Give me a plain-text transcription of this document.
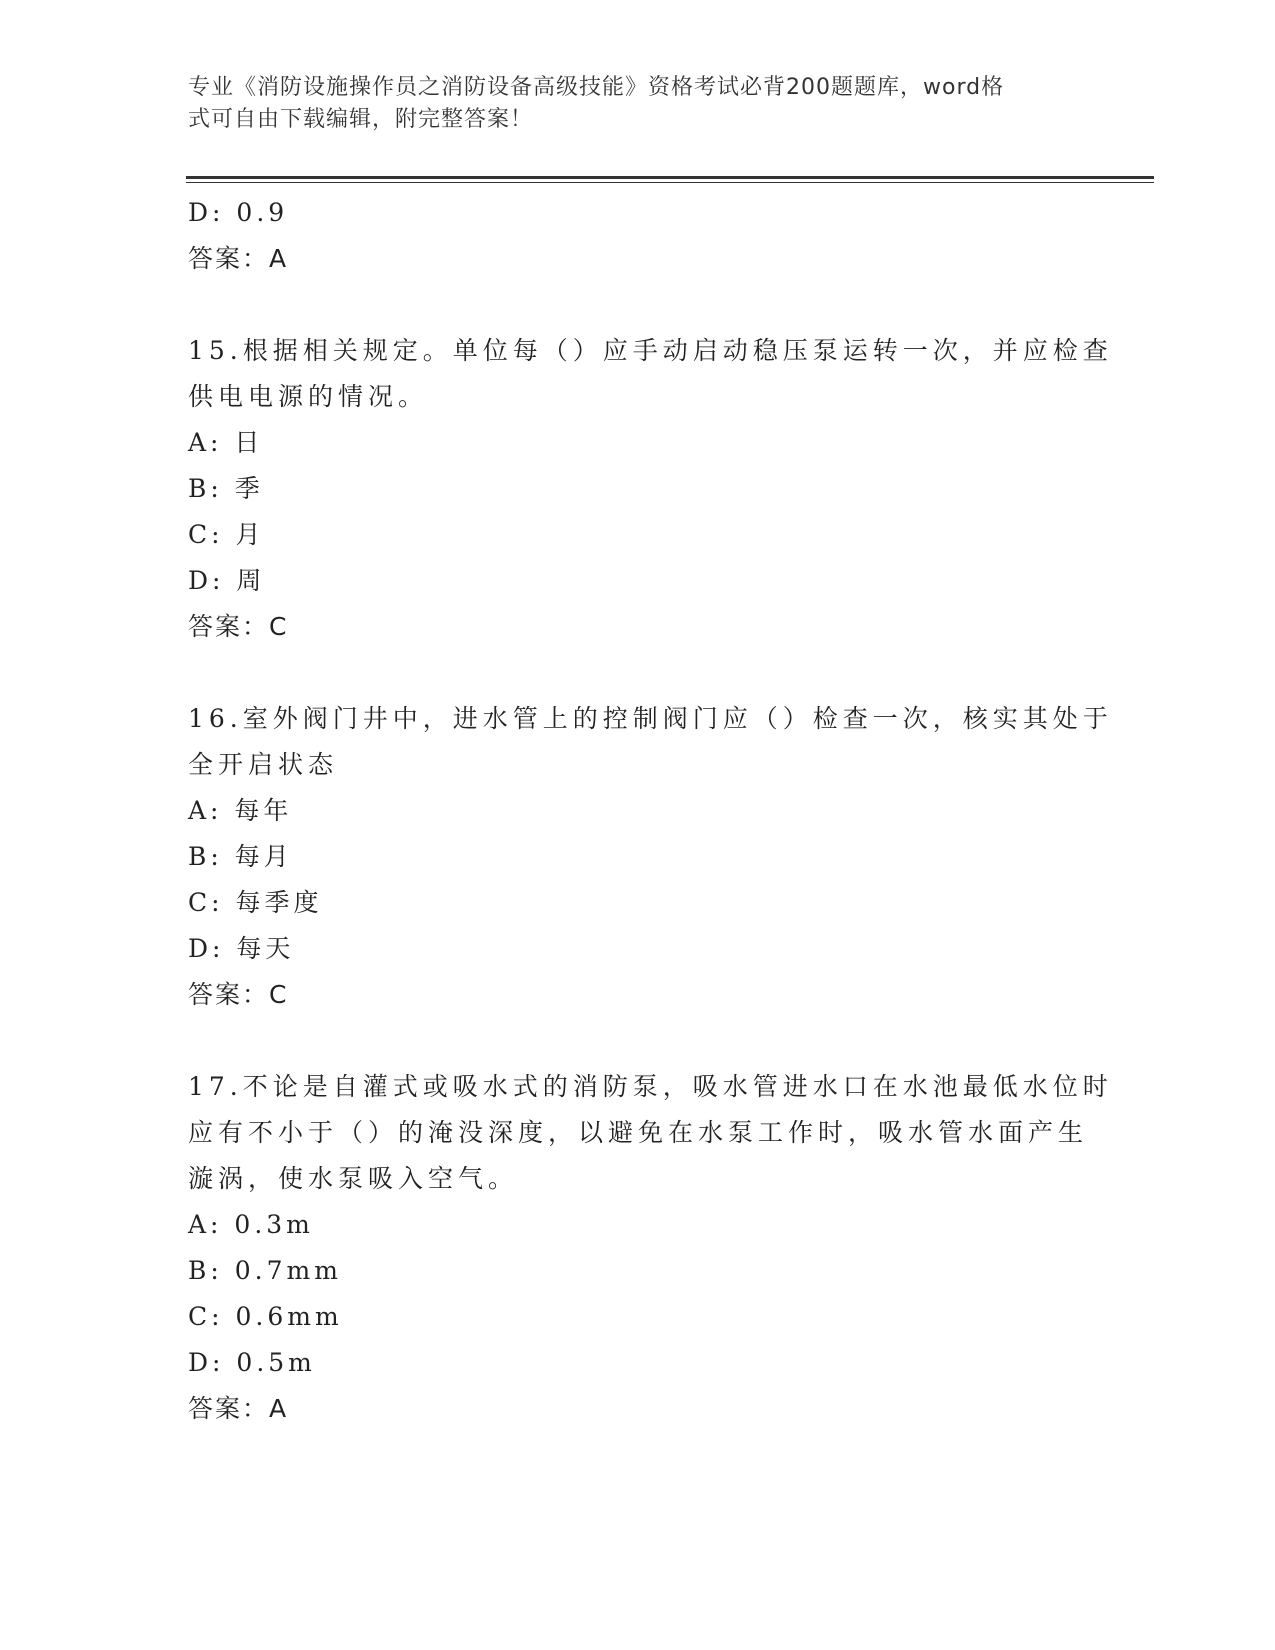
专业《消防设施操作员之消防设备高级技能》资格考试必背200题题库，word格
式可自由下载编辑，附完整答案！
D: 0.9
答案：A
15.根据相关规定。单位每（）应手动启动稳压泵运转一次，并应检查
供电电源的情况。
A: 日
B: 季
C: 月
D: 周
答案：C
16.室外阀门井中，进水管上的控制阀门应（）检查一次，核实其处于
全开启状态
A: 每年
B: 每月
C: 每季度
D: 每天
答案：C
17.不论是自灌式或吸水式的消防泵，吸水管进水口在水池最低水位时
应有不小于（）的淹没深度，以避免在水泵工作时，吸水管水面产生
漩涡，使水泵吸入空气。
A: 0.3m
B: 0.7mm
C: 0.6mm
D: 0.5m
答案：A
